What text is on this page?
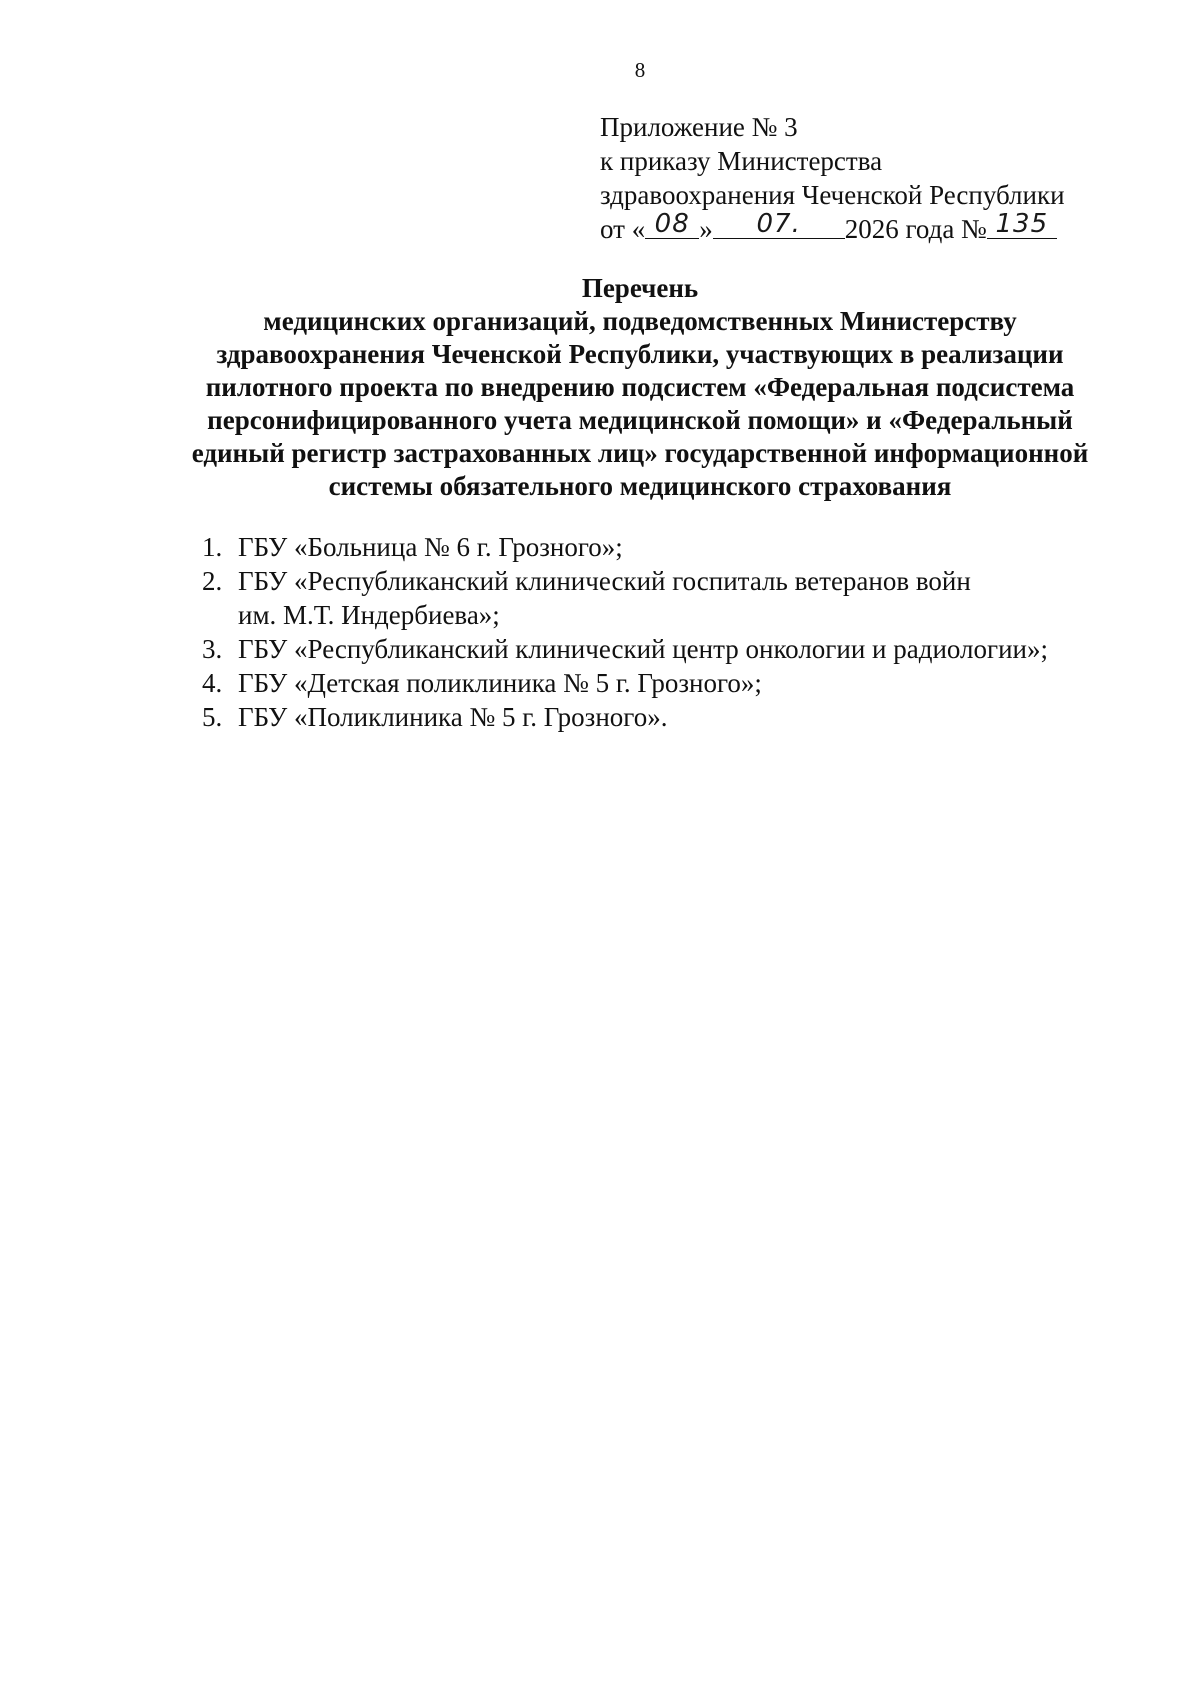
8
Приложение № 3
к приказу Министерства
здравоохранения Чеченской Республики
от « 08 » 07. 2026 года № 135
Перечень
медицинских организаций, подведомственных Министерству
здравоохранения Чеченской Республики, участвующих в реализации
пилотного проекта по внедрению подсистем «Федеральная подсистема
персонифицированного учета медицинской помощи» и «Федеральный
единый регистр застрахованных лиц» государственной информационной
системы обязательного медицинского страхования
1. ГБУ «Больница № 6 г. Грозного»;
2. ГБУ «Республиканский клинический госпиталь ветеранов войн
им. М.Т. Индербиева»;
3. ГБУ «Республиканский клинический центр онкологии и радиологии»;
4. ГБУ «Детская поликлиника № 5 г. Грозного»;
5. ГБУ «Поликлиника № 5 г. Грозного».
